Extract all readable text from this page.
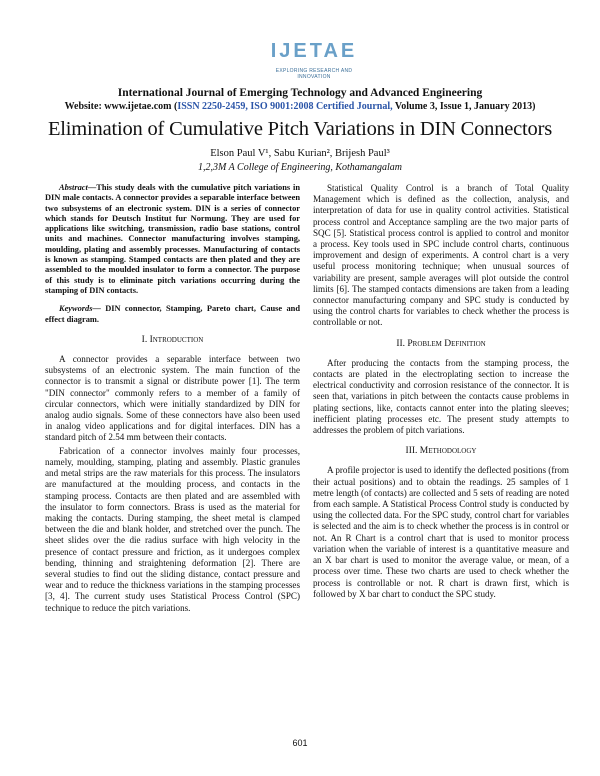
IJETAE
EXPLORING RESEARCH AND INNOVATION
International Journal of Emerging Technology and Advanced Engineering
Website: www.ijetae.com (ISSN 2250-2459, ISO 9001:2008 Certified Journal, Volume 3, Issue 1, January 2013)
Elimination of Cumulative Pitch Variations in DIN Connectors
Elson Paul V¹, Sabu Kurian², Brijesh Paul³
1,2,3M A College of Engineering, Kothamangalam

Abstract—This study deals with the cumulative pitch variations in DIN male contacts. A connector provides a separable interface between two subsystems of an electronic system. DIN is a series of connector which stands for Deutsch Institut fur Normung. They are used for applications like switching, transmission, radio base stations, control units and machines. Connector manufacturing involves stamping, moulding, plating and assembly processes. Manufacturing of contacts is known as stamping. Stamped contacts are then plated and they are assembled to the moulded insulator to form a connector. The purpose of this study is to eliminate pitch variations occurring during the stamping of DIN contacts.

Keywords— DIN connector, Stamping, Pareto chart, Cause and effect diagram.

I. Introduction

A connector provides a separable interface between two subsystems of an electronic system. The main function of the connector is to transmit a signal or distribute power [1]. The term "DIN connector" commonly refers to a member of a family of circular connectors, which were initially standardized by DIN for analog audio signals. Some of these connectors have also been used in analog video applications and for digital interfaces. DIN has a standard pitch of 2.54 mm between their contacts.

Fabrication of a connector involves mainly four processes, namely, moulding, stamping, plating and assembly. Plastic granules and metal strips are the raw materials for this process. The insulators are manufactured at the moulding process, and contacts in the stamping process. Contacts are then plated and are assembled with the insulator to form connectors. Brass is used as the material for making the contacts. During stamping, the sheet metal is clamped between the die and blank holder, and stretched over the punch. The sheet slides over the die radius surface with high velocity in the presence of contact pressure and friction, as it undergoes complex bending, thinning and straightening deformation [2]. There are several studies to find out the sliding distance, contact pressure and wear and to reduce the thickness variations in the stamping processes [3, 4]. The current study uses Statistical Process Control (SPC) technique to reduce the pitch variations.

Statistical Quality Control is a branch of Total Quality Management which is defined as the collection, analysis, and interpretation of data for use in quality control activities. Statistical process control and Acceptance sampling are the two major parts of SQC [5]. Statistical process control is applied to control and monitor a process. Key tools used in SPC include control charts, continuous improvement and design of experiments. A control chart is a very useful process monitoring technique; when unusual sources of variability are present, sample averages will plot outside the control limits [6]. The stamped contacts dimensions are taken from a leading connector manufacturing company and SPC study is conducted by using the control charts for variables to check whether the process is controllable or not.

II. Problem Definition

After producing the contacts from the stamping process, the contacts are plated in the electroplating section to increase the electrical conductivity and corrosion resistance of the connector. It is seen that, variations in pitch between the contacts cause problems in plating sections, like, contacts cannot enter into the plating sleeves; inefficient plating processes etc. The present study attempts to addresses the problem of pitch variations.

III. Methodology

A profile projector is used to identify the deflected positions (from their actual positions) and to obtain the readings. 25 samples of 1 metre length (of contacts) are collected and 5 sets of reading are noted from each sample. A Statistical Process Control study is conducted by using the collected data. For the SPC study, control chart for variables is selected and the aim is to check whether the process is in control or not. An R Chart is a control chart that is used to monitor process variation when the variable of interest is a quantitative measure and an X bar chart is used to monitor the average value, or mean, of a process over time. These two charts are used to check whether the process is controllable or not. R chart is drawn first, which is followed by X bar chart to conduct the SPC study.

601
